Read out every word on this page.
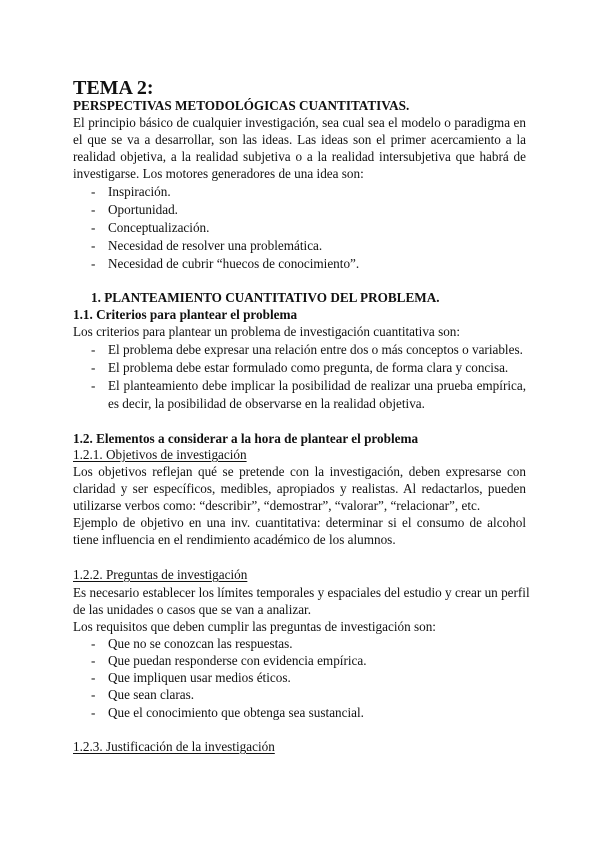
TEMA 2:
PERSPECTIVAS METODOLÓGICAS CUANTITATIVAS.
El principio básico de cualquier investigación, sea cual sea el modelo o paradigma en
el que se va a desarrollar, son las ideas. Las ideas son el primer acercamiento a la
realidad objetiva, a la realidad subjetiva o a la realidad intersubjetiva que habrá de
investigarse. Los motores generadores de una idea son:
- Inspiración.
- Oportunidad.
- Conceptualización.
- Necesidad de resolver una problemática.
- Necesidad de cubrir “huecos de conocimiento”.
1. PLANTEAMIENTO CUANTITATIVO DEL PROBLEMA.
1.1. Criterios para plantear el problema
Los criterios para plantear un problema de investigación cuantitativa son:
- El problema debe expresar una relación entre dos o más conceptos o variables.
- El problema debe estar formulado como pregunta, de forma clara y concisa.
- El planteamiento debe implicar la posibilidad de realizar una prueba empírica,
es decir, la posibilidad de observarse en la realidad objetiva.
1.2. Elementos a considerar a la hora de plantear el problema
1.2.1. Objetivos de investigación
Los objetivos reflejan qué se pretende con la investigación, deben expresarse con
claridad y ser específicos, medibles, apropiados y realistas. Al redactarlos, pueden
utilizarse verbos como: “describir”, “demostrar”, “valorar”, “relacionar”, etc.
Ejemplo de objetivo en una inv. cuantitativa: determinar si el consumo de alcohol
tiene influencia en el rendimiento académico de los alumnos.
1.2.2. Preguntas de investigación
Es necesario establecer los límites temporales y espaciales del estudio y crear un perfil
de las unidades o casos que se van a analizar.
Los requisitos que deben cumplir las preguntas de investigación son:
- Que no se conozcan las respuestas.
- Que puedan responderse con evidencia empírica.
- Que impliquen usar medios éticos.
- Que sean claras.
- Que el conocimiento que obtenga sea sustancial.
1.2.3. Justificación de la investigación
